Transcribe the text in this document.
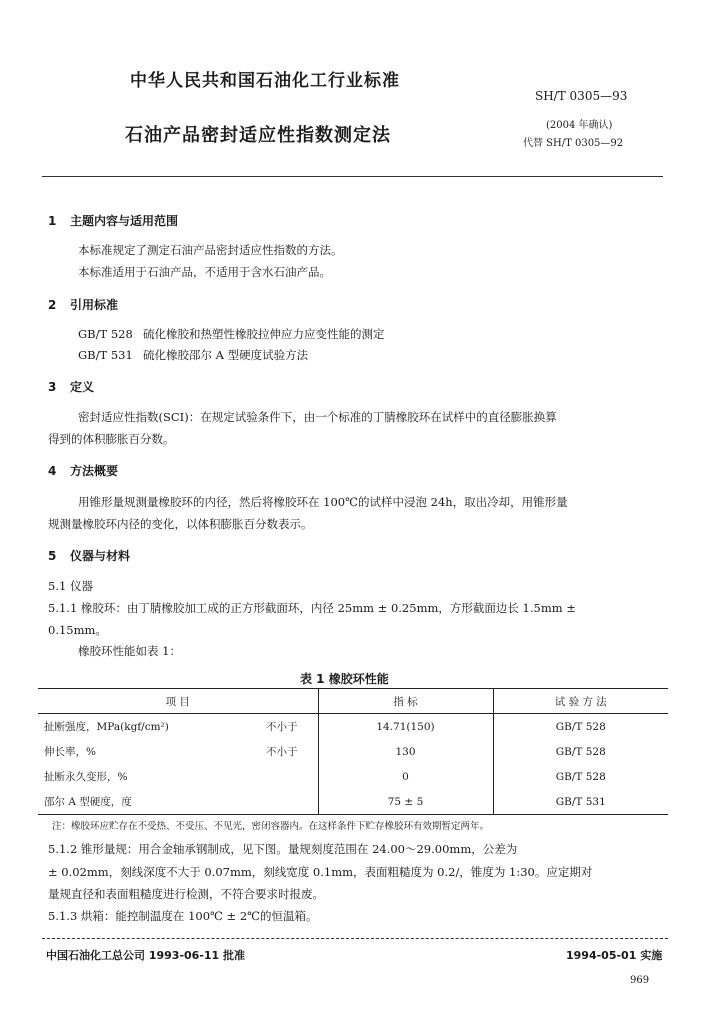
中华人民共和国石油化工行业标准
SH/T 0305—93
石油产品密封适应性指数测定法	(2004 年确认)
代替 SH/T 0305—92
1 主题内容与适用范围
本标准规定了测定石油产品密封适应性指数的方法。
本标准适用于石油产品，不适用于含水石油产品。
2 引用标准
GB/T 528 硫化橡胶和热塑性橡胶拉伸应力应变性能的测定
GB/T 531 硫化橡胶邵尔 A 型硬度试验方法
3 定义
密封适应性指数(SCI)：在规定试验条件下，由一个标准的丁腈橡胶环在试样中的直径膨胀换算
得到的体积膨胀百分数。
4 方法概要
用锥形量规测量橡胶环的内径，然后将橡胶环在 100℃的试样中浸泡 24h，取出冷却，用锥形量
规测量橡胶环内径的变化，以体积膨胀百分数表示。
5 仪器与材料
5.1 仪器
5.1.1 橡胶环：由丁腈橡胶加工成的正方形截面环，内径 25mm ± 0.25mm，方形截面边长 1.5mm ±
0.15mm。
橡胶环性能如表 1：
表 1 橡胶环性能
项 目		指 标	试 验 方 法
扯断强度，MPa(kgf/cm²)	不小于	14.71(150)	GB/T 528
伸长率，%	不小于	130	GB/T 528
扯断永久变形，%		0	GB/T 528
邵尔 A 型硬度，度		75 ± 5	GB/T 531
注：橡胶环应贮存在不受热、不受压、不见光，密闭容器内。在这样条件下贮存橡胶环有效期暂定两年。
5.1.2 锥形量规：用合金轴承钢制成，见下图。量规刻度范围在 24.00～29.00mm，公差为
± 0.02mm，刻线深度不大于 0.07mm，刻线宽度 0.1mm，表面粗糙度为 0.2/，锥度为 1:30。应定期对
量规直径和表面粗糙度进行检测，不符合要求时报废。
5.1.3 烘箱：能控制温度在 100℃ ± 2℃的恒温箱。
中国石油化工总公司 1993-06-11 批准	1994-05-01 实施
969
